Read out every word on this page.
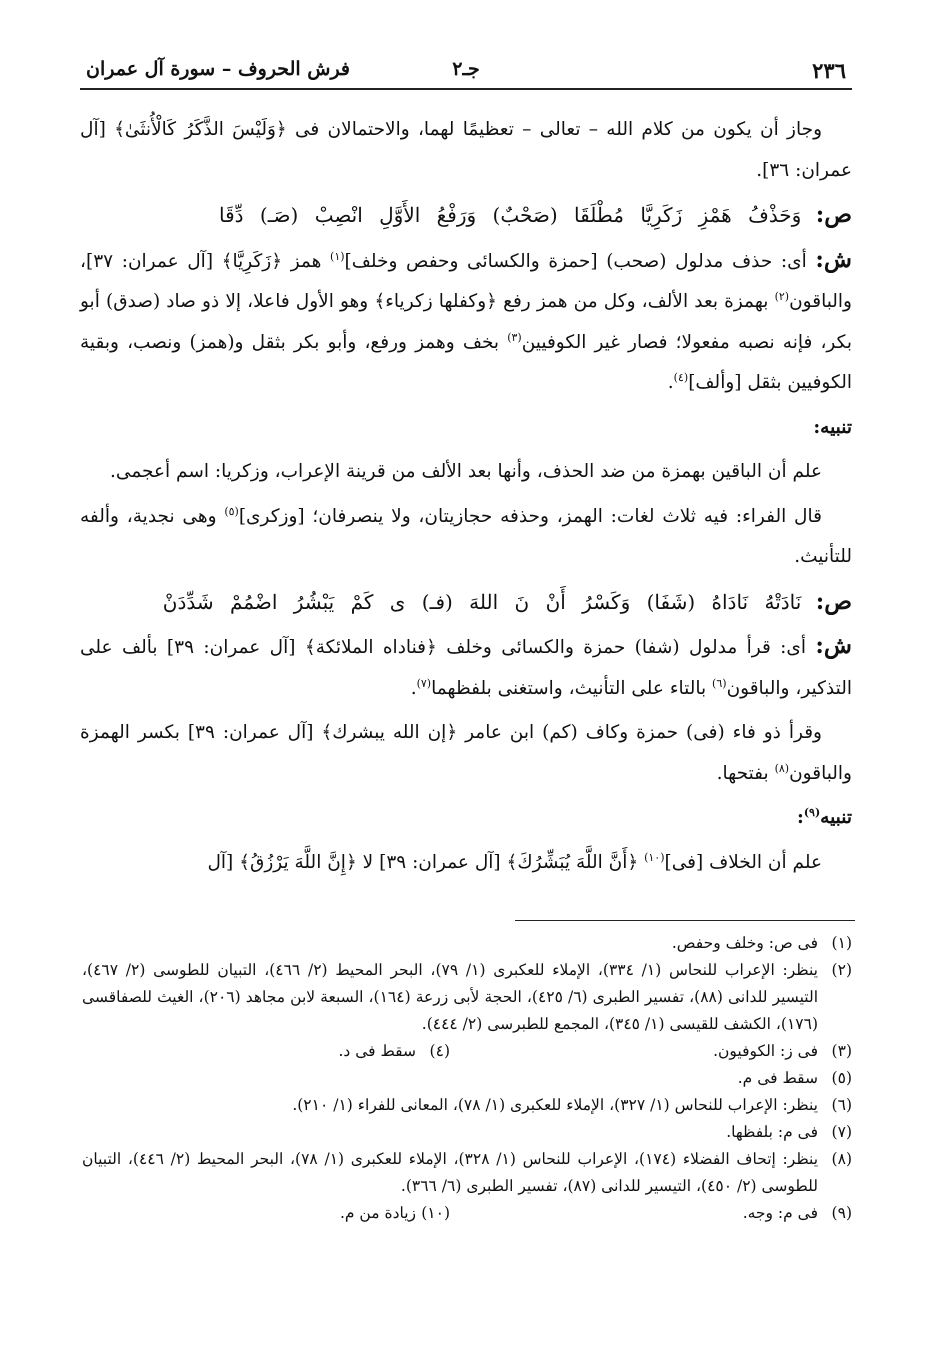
٢٣٦
جـ٢
فرش الحروف – سورة آل عمران

وجاز أن يكون من كلام الله – تعالى – تعظيمًا لهما، والاحتمالان فى ﴿وَلَيْسَ الذَّكَرُ كَالْأُنثَىٰ﴾ [آل عمران: ٣٦].

ص: وَحَذْفُ هَمْزِ زَكَرِيَّا مُطْلَقَا (صَحْبٌ) وَرَفْعُ الأَوَّلِ انْصِبْ (صَـ) دِّقَا

ش: أى: حذف مدلول (صحب) [حمزة والكسائى وحفص وخلف]$^{(١)}$ همز ﴿زَكَرِيَّا﴾ [آل عمران: ٣٧]، والباقون$^{(٢)}$ بهمزة بعد الألف، وكل من همز رفع ﴿وكفلها زكرياء﴾ وهو الأول فاعلا، إلا ذو صاد (صدق) أبو بكر، فإنه نصبه مفعولا؛ فصار غير الكوفيين$^{(٣)}$ بخف وهمز ورفع، وأبو بكر بثقل و(همز) ونصب، وبقية الكوفيين بثقل [وألف]$^{(٤)}$.

تنبيه:

علم أن الباقين بهمزة من ضد الحذف، وأنها بعد الألف من قرينة الإعراب، وزكريا: اسم أعجمى.

قال الفراء: فيه ثلاث لغات: الهمز، وحذفه حجازيتان، ولا ينصرفان؛ [وزكرى]$^{(٥)}$ وهى نجدية، وألفه للتأنيث.

ص: نَادَتْهُ نَادَاهُ (شَفَا) وَكَسْرُ أَنْ نَ اللهَ (فـ) ى كَمْ يَبْشُرُ اضْمُمْ شَدِّدَنْ

ش: أى: قرأ مدلول (شفا) حمزة والكسائى وخلف ﴿فناداه الملائكة﴾ [آل عمران: ٣٩] بألف على التذكير، والباقون$^{(٦)}$ بالتاء على التأنيث، واستغنى بلفظهما$^{(٧)}$.

وقرأ ذو فاء (فى) حمزة وكاف (كم) ابن عامر ﴿إن الله يبشرك﴾ [آل عمران: ٣٩] بكسر الهمزة والباقون$^{(٨)}$ بفتحها.

تنبيه$^{(٩)}$:

علم أن الخلاف [فى]$^{(١٠)}$ ﴿أَنَّ اللَّهَ يُبَشِّرُكَ﴾ [آل عمران: ٣٩] لا ﴿إِنَّ اللَّهَ يَرْزُقُ﴾ [آل

(١)
فى ص: وخلف وحفص.
(٢)
ينظر: الإعراب للنحاس (١/ ٣٣٤)، الإملاء للعكبرى (١/ ٧٩)، البحر المحيط (٢/ ٤٦٦)، التبيان للطوسى (٢/ ٤٦٧)، التيسير للدانى (٨٨)، تفسير الطبرى (٦/ ٤٢٥)، الحجة لأبى زرعة (١٦٤)، السبعة لابن مجاهد (٢٠٦)، الغيث للصفاقسى (١٧٦)، الكشف للقيسى (١/ ٣٤٥)، المجمع للطبرسى (٢/ ٤٤٤).
(٣)
فى ز: الكوفيون.
(٤)سقط فى د.
(٥)
سقط فى م.
(٦)
ينظر: الإعراب للنحاس (١/ ٣٢٧)، الإملاء للعكبرى (١/ ٧٨)، المعانى للفراء (١/ ٢١٠).
(٧)
فى م: بلفظها.
(٨)
ينظر: إتحاف الفضلاء (١٧٤)، الإعراب للنحاس (١/ ٣٢٨)، الإملاء للعكبرى (١/ ٧٨)، البحر المحيط (٢/ ٤٤٦)، التبيان للطوسى (٢/ ٤٥٠)، التيسير للدانى (٨٧)، تفسير الطبرى (٦/ ٣٦٦).
(٩)
فى م: وجه.
(١٠)زيادة من م.
